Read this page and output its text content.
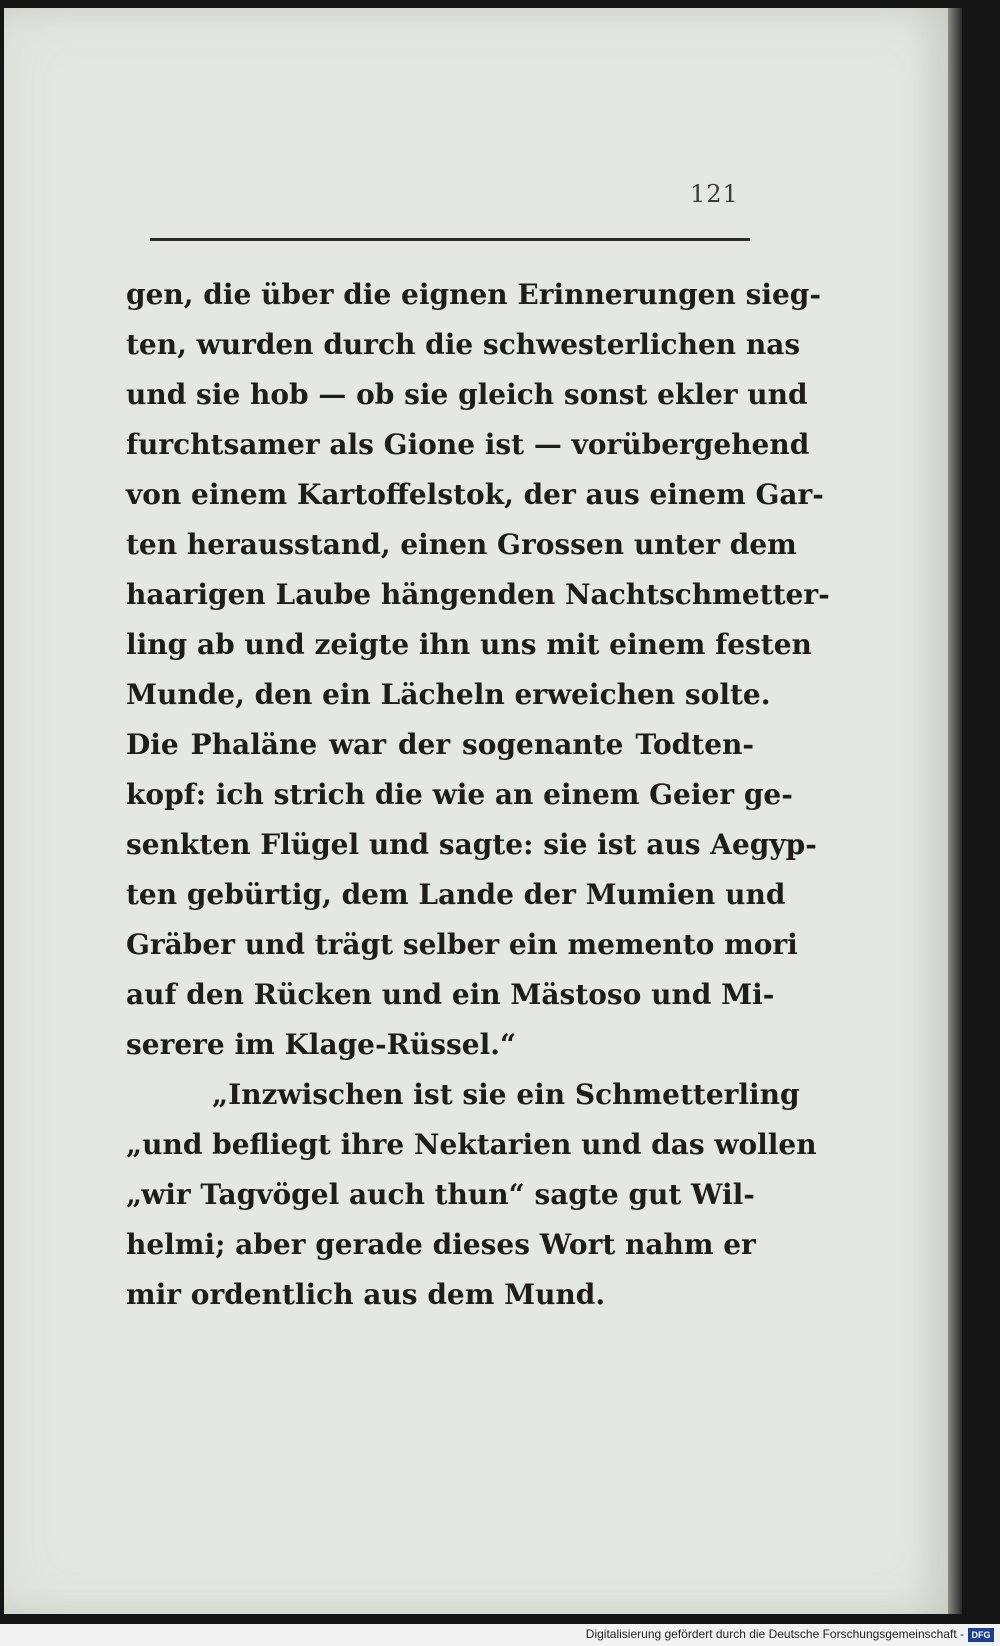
121
gen, die über die eignen Erinnerungen sieg-
ten, wurden durch die schwesterlichen nas
und sie hob — ob sie gleich sonst ekler und
furchtsamer als Gione ist — vorübergehend
von einem Kartoffelstok, der aus einem Gar-
ten herausstand, einen Grossen unter dem
haarigen Laube hängenden Nachtschmetter-
ling ab und zeigte ihn uns mit einem festen
Munde, den ein Lächeln erweichen solte.
Die Phaläne war der sogenante Todten-
kopf: ich strich die wie an einem Geier ge-
senkten Flügel und sagte: sie ist aus Aegyp-
ten gebürtig, dem Lande der Mumien und
Gräber und trägt selber ein memento mori
auf den Rücken und ein Mästoso und Mi-
serere im Klage-Rüssel.“
„Inzwischen ist sie ein Schmetterling
„und befliegt ihre Nektarien und das wollen
„wir Tagvögel auch thun“ sagte gut Wil-
helmi; aber gerade dieses Wort nahm er
mir ordentlich aus dem Mund.
Digitalisierung gefördert durch die Deutsche Forschungsgemeinschaft - DFG
